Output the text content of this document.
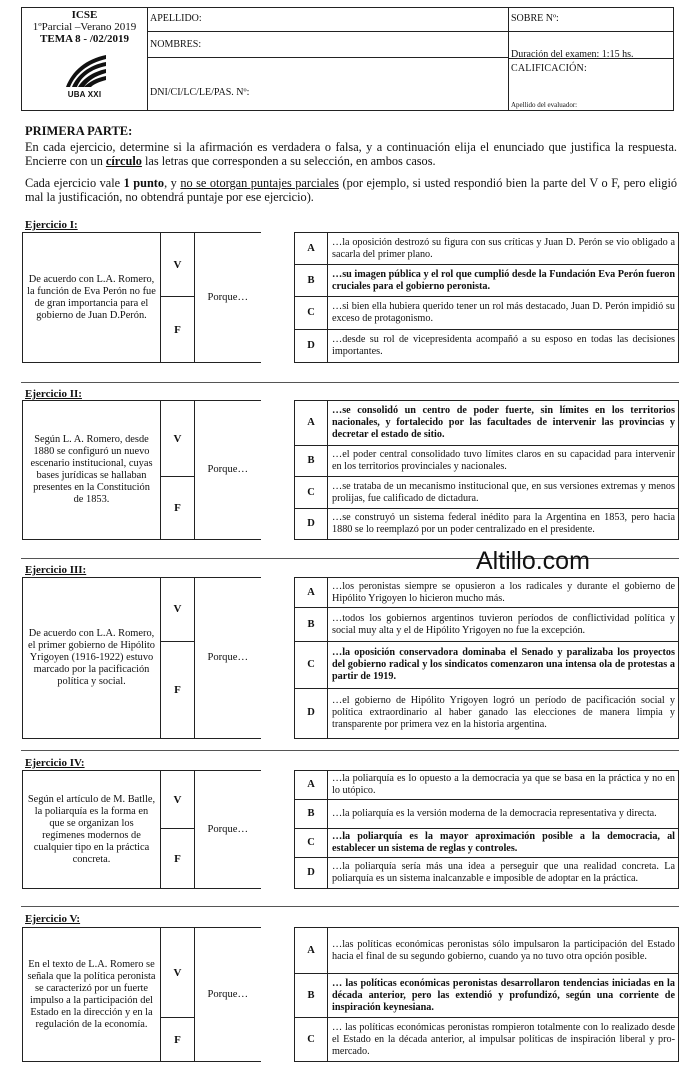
ICSE
1ºParcial –Verano 2019
TEMA 8 - /02/2019
UBA XXI
APELLIDO:
NOMBRES:
DNI/CI/LC/LE/PAS. Nº:
SOBRE Nº:
Duración del examen: 1:15 hs.
CALIFICACIÓN:
Apellido del evaluador:
PRIMERA PARTE:

En cada ejercicio, determine si la afirmación es verdadera o falsa, y a continuación elija el enunciado que justifica la respuesta. Encierre con un círculo las letras que corresponden a su selección, en ambos casos.

Cada ejercicio vale 1 punto, y no se otorgan puntajes parciales (por ejemplo, si usted respondió bien la parte del V o F, pero eligió mal la justificación, no obtendrá puntaje por ese ejercicio).

Ejercicio I:
De acuerdo con L.A. Romero, la función de Eva Perón no fue de gran importancia para el gobierno de Juan D.Perón.	V	Porque…		A	…la oposición destrozó su figura con sus críticas y Juan D. Perón se vio obligado a sacarla del primer plano.
				B	…su imagen pública y el rol que cumplió desde la Fundación Eva Perón fueron cruciales para el gobierno peronista.
	F			C	…si bien ella hubiera querido tener un rol más destacado, Juan D. Perón impidió su exceso de protagonismo.
				D	…desde su rol de vicepresidenta acompañó a su esposo en todas las decisiones importantes.
Ejercicio II:
Según L. A. Romero, desde 1880 se configuró un nuevo escenario institucional, cuyas bases jurídicas se hallaban presentes en la Constitución de 1853.	V	Porque…		A	…se consolidó un centro de poder fuerte, sin límites en los territorios nacionales, y fortalecido por las facultades de intervenir las provincias y decretar el estado de sitio.
				B	…el poder central consolidado tuvo límites claros en su capacidad para intervenir en los territorios provinciales y nacionales.
	F			C	…se trataba de un mecanismo institucional que, en sus versiones extremas y menos prolijas, fue calificado de dictadura.
				D	…se construyó un sistema federal inédito para la Argentina en 1853, pero hacia 1880 se lo reemplazó por un poder centralizado en el presidente.
Altillo.com
Ejercicio III:
De acuerdo con L.A. Romero, el primer gobierno de Hipólito Yrigoyen (1916-1922) estuvo marcado por la pacificación política y social.	V	Porque…		A	…los peronistas siempre se opusieron a los radicales y durante el gobierno de Hipólito Yrigoyen lo hicieron mucho más.
				B	…todos los gobiernos argentinos tuvieron períodos de conflictividad política y social muy alta y el de Hipólito Yrigoyen no fue la excepción.
	F			C	…la oposición conservadora dominaba el Senado y paralizaba los proyectos del gobierno radical y los sindicatos comenzaron una intensa ola de protestas a partir de 1919.
				D	…el gobierno de Hipólito Yrigoyen logró un período de pacificación social y política extraordinario al haber ganado las elecciones de manera limpia y transparente por primera vez en la historia argentina.
Ejercicio IV:
Según el artículo de M. Batlle, la poliarquía es la forma en que se organizan los regímenes modernos de cualquier tipo en la práctica concreta.	V	Porque…		A	…la poliarquía es lo opuesto a la democracia ya que se basa en la práctica y no en lo utópico.
				B	…la poliarquía es la versión moderna de la democracia representativa y directa.
	F			C	…la poliarquía es la mayor aproximación posible a la democracia, al establecer un sistema de reglas y controles.
				D	…la poliarquía sería más una idea a perseguir que una realidad concreta. La poliarquía es un sistema inalcanzable e imposible de adoptar en la práctica.
Ejercicio V:
En el texto de L.A. Romero se señala que la política peronista se caracterizó por un fuerte impulso a la participación del Estado en la dirección y en la regulación de la economía.	V	Porque…		A	…las políticas económicas peronistas sólo impulsaron la participación del Estado hacia el final de su segundo gobierno, cuando ya no tuvo otra opción posible.
				B	… las políticas económicas peronistas desarrollaron tendencias iniciadas en la década anterior, pero las extendió y profundizó, según una corriente de inspiración keynesiana.
	F			C	… las políticas económicas peronistas rompieron totalmente con lo realizado desde el Estado en la década anterior, al impulsar políticas de inspiración liberal y pro-mercado.
